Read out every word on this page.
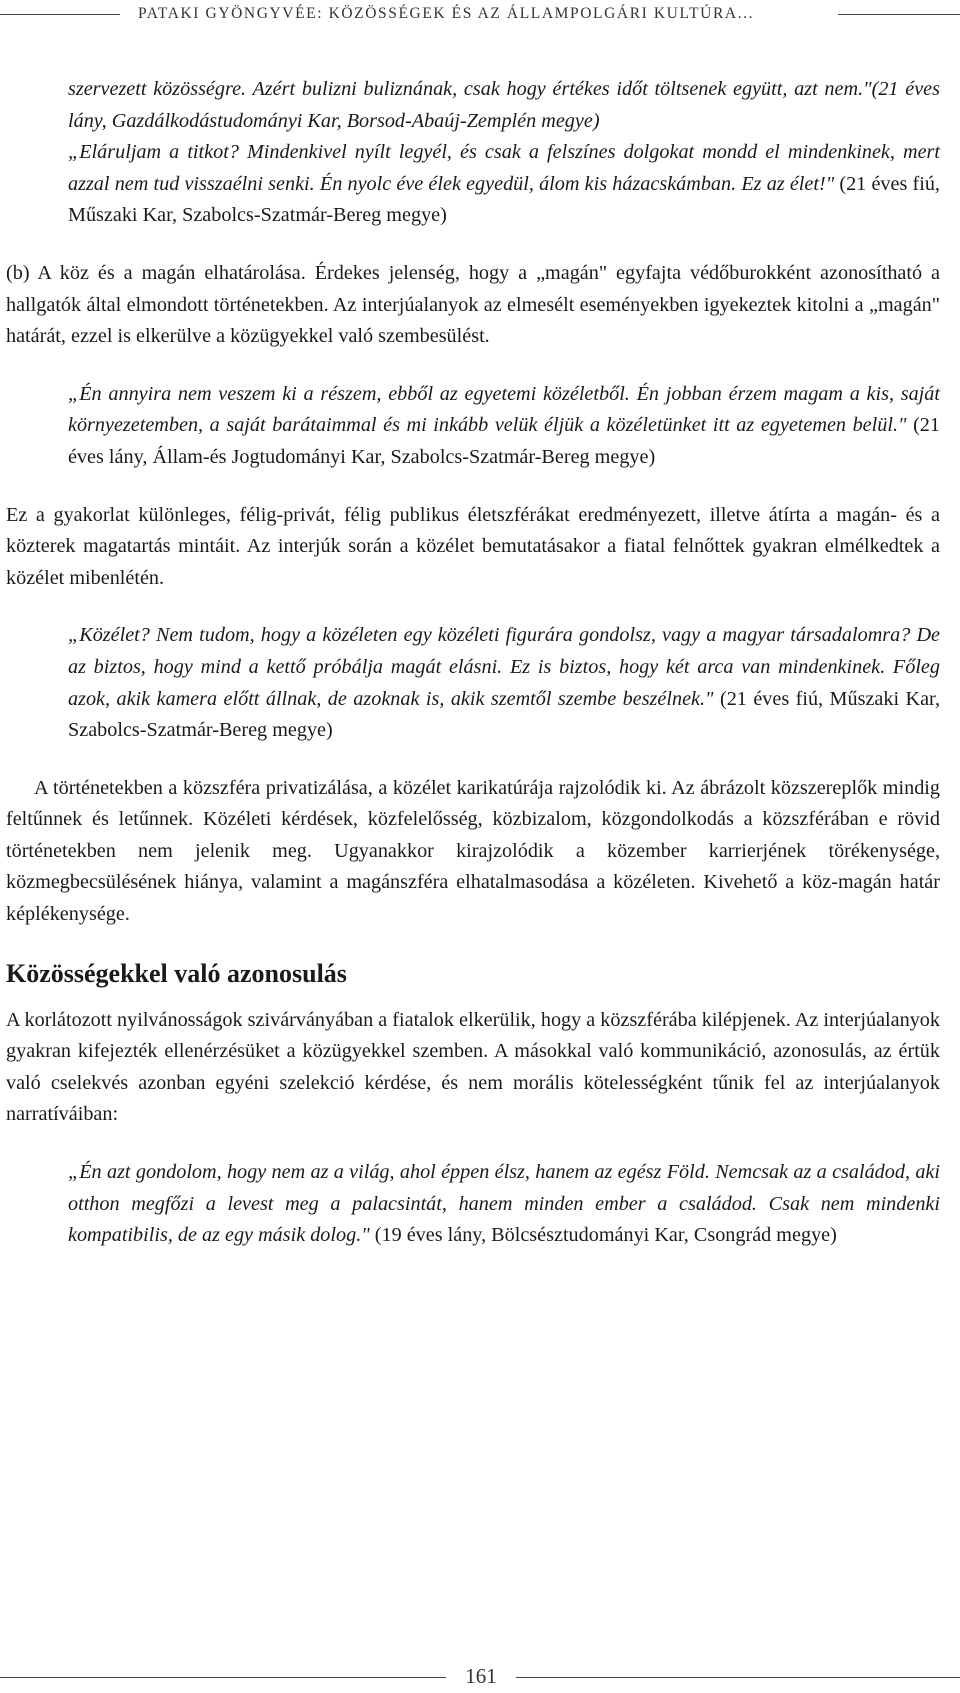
PATAKI GYÖNGYVÉE: KÖZÖSSÉGEK ÉS AZ ÁLLAMPOLGÁRI KULTÚRA...

szervezett közösségre. Azért bulizni buliznának, csak hogy értékes időt töltsenek együtt, azt nem."(21 éves lány, Gazdálkodástudományi Kar, Borsod-Abaúj-Zemplén megye)

„Eláruljam a titkot? Mindenkivel nyílt legyél, és csak a felszínes dolgokat mondd el mindenkinek, mert azzal nem tud visszaélni senki. Én nyolc éve élek egyedül, álom kis házacskámban. Ez az élet!" (21 éves fiú, Műszaki Kar, Szabolcs-Szatmár-Bereg megye)

(b) A köz és a magán elhatárolása. Érdekes jelenség, hogy a „magán" egyfajta védőburokként azonosítható a hallgatók által elmondott történetekben. Az interjúalanyok az elmesélt eseményekben igyekeztek kitolni a „magán" határát, ezzel is elkerülve a közügyekkel való szembesülést.

„Én annyira nem veszem ki a részem, ebből az egyetemi közéletből. Én jobban érzem magam a kis, saját környezetemben, a saját barátaimmal és mi inkább velük éljük a közéletünket itt az egyetemen belül." (21 éves lány, Állam-és Jogtudományi Kar, Szabolcs-Szatmár-Bereg megye)

Ez a gyakorlat különleges, félig-privát, félig publikus életszférákat eredményezett, illetve átírta a magán- és a közterek magatartás mintáit. Az interjúk során a közélet bemutatásakor a fiatal felnőttek gyakran elmélkedtek a közélet mibenlétén.

„Közélet? Nem tudom, hogy a közéleten egy közéleti figurára gondolsz, vagy a magyar társadalomra? De az biztos, hogy mind a kettő próbálja magát elásni. Ez is biztos, hogy két arca van mindenkinek. Főleg azok, akik kamera előtt állnak, de azoknak is, akik szemtől szembe beszélnek." (21 éves fiú, Műszaki Kar, Szabolcs-Szatmár-Bereg megye)

A történetekben a közszféra privatizálása, a közélet karikatúrája rajzolódik ki. Az ábrázolt közszereplők mindig feltűnnek és letűnnek. Közéleti kérdések, közfelelősség, közbizalom, közgondolkodás a közszférában e rövid történetekben nem jelenik meg. Ugyanakkor kirajzolódik a közember karrierjének törékenysége, közmegbecsülésének hiánya, valamint a magánszféra elhatalmasodása a közéleten. Kivehető a köz-magán határ képlékenysége.

Közösségekkel való azonosulás

A korlátozott nyilvánosságok szivárványában a fiatalok elkerülik, hogy a közszférába kilépjenek. Az interjúalanyok gyakran kifejezték ellenérzésüket a közügyekkel szemben. A másokkal való kommunikáció, azonosulás, az értük való cselekvés azonban egyéni szelekció kérdése, és nem morális kötelességként tűnik fel az interjúalanyok narratíváiban:

„Én azt gondolom, hogy nem az a világ, ahol éppen élsz, hanem az egész Föld. Nemcsak az a családod, aki otthon megfőzi a levest meg a palacsintát, hanem minden ember a családod. Csak nem mindenki kompatibilis, de az egy másik dolog." (19 éves lány, Bölcsésztudományi Kar, Csongrád megye)

161
